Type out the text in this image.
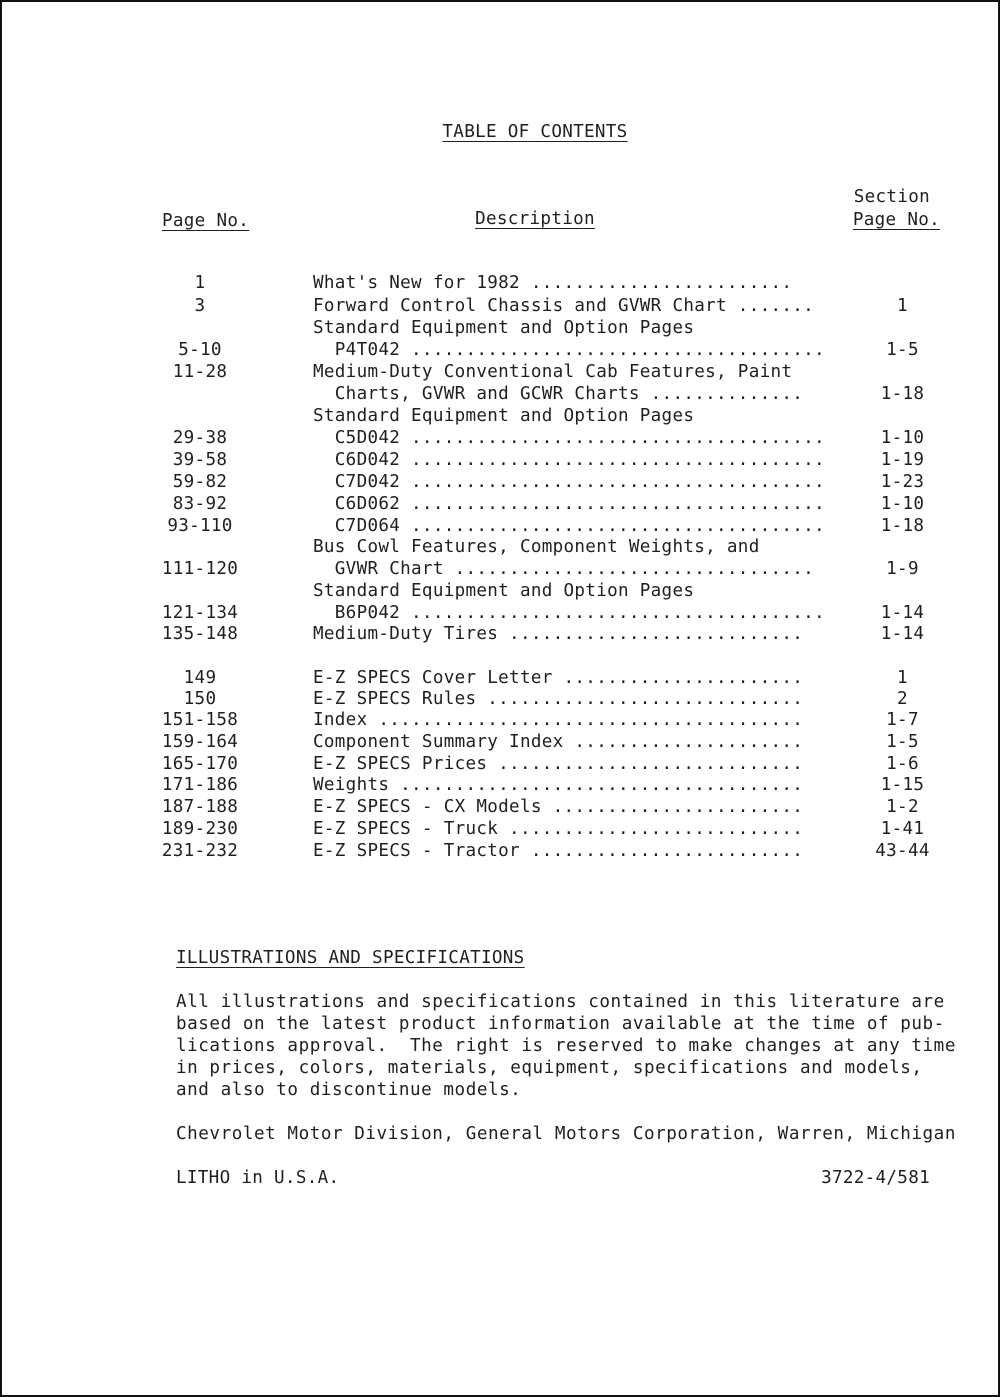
TABLE OF CONTENTS
Page No.	Description
Section
Page No.
1	What's New for 1982 ........................
3	Forward Control Chassis and GVWR Chart .......	1
Standard Equipment and Option Pages
5-10	P4T042 ......................................	1-5
11-28	Medium-Duty Conventional Cab Features, Paint
Charts, GVWR and GCWR Charts ..............	1-18
Standard Equipment and Option Pages
29-38	C5D042 ......................................	1-10
39-58	C6D042 ......................................	1-19
59-82	C7D042 ......................................	1-23
83-92	C6D062 ......................................	1-10
93-110	C7D064 ......................................	1-18
Bus Cowl Features, Component Weights, and
111-120	GVWR Chart .................................	1-9
Standard Equipment and Option Pages
121-134	B6P042 ......................................	1-14
135-148	Medium-Duty Tires ...........................	1-14
149	E-Z SPECS Cover Letter ......................	1
150	E-Z SPECS Rules .............................	2
151-158	Index .......................................	1-7
159-164	Component Summary Index .....................	1-5
165-170	E-Z SPECS Prices ............................	1-6
171-186	Weights .....................................	1-15
187-188	E-Z SPECS - CX Models .......................	1-2
189-230	E-Z SPECS - Truck ...........................	1-41
231-232	E-Z SPECS - Tractor .........................	43-44
ILLUSTRATIONS AND SPECIFICATIONS
All illustrations and specifications contained in this literature are
based on the latest product information available at the time of pub-
lications approval.  The right is reserved to make changes at any time
in prices, colors, materials, equipment, specifications and models,
and also to discontinue models.
Chevrolet Motor Division, General Motors Corporation, Warren, Michigan
LITHO in U.S.A.	3722-4/581
